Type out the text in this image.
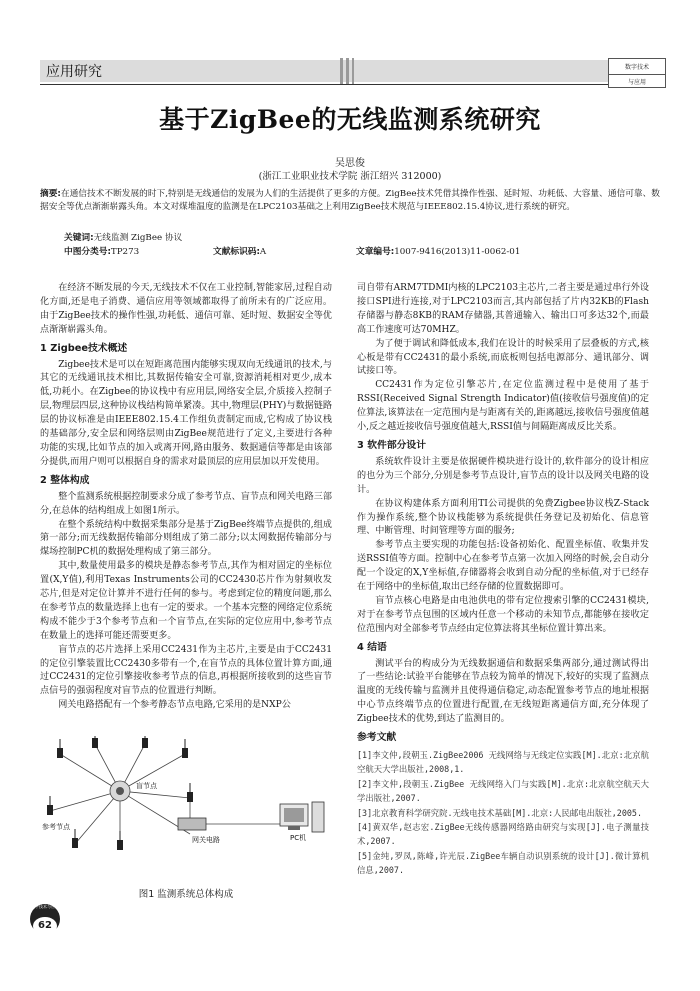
应用研究	数字技术
与应用
基于ZigBee的无线监测系统研究
吴思俊
(浙江工业职业技术学院 浙江绍兴 312000)
摘要:在通信技术不断发展的时下,特别是无线通信的发展为人们的生活提供了更多的方便。ZigBee技术凭借其操作性强、延时短、功耗低、大容量、通信可靠、数据安全等优点渐渐崭露头角。本文对煤堆温度的监测是在LPC2103基础之上利用ZigBee技术规范与IEEE802.15.4协议,进行系统的研究。
关键词:无线监测 ZigBee 协议
中图分类号:TP273	文献标识码:A	文章编号:1007-9416(2013)11-0062-01

在经济不断发展的今天,无线技术不仅在工业控制,智能家居,过程自动化方面,还是电子消费、通信应用等领域都取得了前所未有的广泛应用。由于ZigBee技术的操作性强,功耗低、通信可靠、延时短、数据安全等优点渐渐崭露头角。

1 Zigbee技术概述

Zigbee技术是可以在短距离范围内能够实现双向无线通讯的技术,与其它的无线通讯技术相比,其数据传输安全可靠,资源消耗相对更少,成本低,功耗小。在Zigbee的协议栈中有应用层,网络安全层,介质接入控制子层,物理层四层,这种协议栈结构简单紧凑。其中,物理层(PHY)与数据链路层的协议标准是由IEEE802.15.4工作组负责制定而成,它构成了协议栈的基础部分,安全层和网络层则由ZigBee规范进行了定义,主要进行各种功能的实现,比如节点的加入或离开网,路由服务、数据通信等都是由该部分提供,而用户则可以根据自身的需求对最顶层的应用层加以开发使用。

2 整体构成

整个监测系统根据控制要求分成了参考节点、盲节点和网关电路三部分,在总体的结构组成上如图1所示。

在整个系统结构中数据采集部分是基于ZigBee终端节点提供的,组成第一部分;而无线数据传输部分则组成了第二部分;以太网数据传输部分与煤场控制PC机的数据处理构成了第三部分。

其中,数量使用最多的模块是静态参考节点,其作为相对固定的坐标位置(X,Y值),利用Texas Instruments公司的CC2430芯片作为射频收发芯片,但是对定位计算并不进行任何的参与。考虑到定位的精度问题,那么在参考节点的数量选择上也有一定的要求。一个基本完整的网络定位系统构成不能少于3个参考节点和一个盲节点,在实际的定位应用中,参考节点在数量上的选择可能还需要更多。

盲节点的芯片选择上采用CC2431作为主芯片,主要是由于CC2431的定位引擎装置比CC2430多带有一个,在盲节点的具体位置计算方面,通过CC2431的定位引擎接收参考节点的信息,再根据所接收到的这些盲节点信号的强弱程度对盲节点的位置进行判断。

网关电路搭配有一个参考静态节点电路,它采用的是NXP公

盲节点
参考节点
网关电路	PC机
图1 监测系统总体构成

司自带有ARM7TDMI内核的LPC2103主芯片,二者主要是通过串行外设接口SPI进行连接,对于LPC2103而言,其内部包括了片内32KB的Flash存储器与静态8KB的RAM存储器,其普通输入、输出口可多达32个,而最高工作速度可达70MHZ。

为了便于调试和降低成本,我们在设计的时候采用了层叠板的方式,核心板是带有CC2431的最小系统,而底板则包括电源部分、通讯部分、调试接口等。

CC2431作为定位引擎芯片,在定位监测过程中是使用了基于RSSI(Received Signal Strength Indicator)值(接收信号强度值)的定位算法,该算法在一定范围内是与距离有关的,距离越远,接收信号强度值越小,反之越近接收信号强度值越大,RSSI值与间隔距离成反比关系。

3 软件部分设计

系统软件设计主要是依据硬件模块进行设计的,软件部分的设计相应的也分为三个部分,分别是参考节点设计,盲节点的设计以及网关电路的设计。

在协议构建体系方面利用TI公司提供的免费Zigbee协议栈Z-Stack作为操作系统,整个协议栈能够为系统提供任务登记及初始化、信息管理、中断管理、时间管理等方面的服务;

参考节点主要实现的功能包括:设备初始化、配置坐标值、收集并发送RSSI值等方面。控制中心在参考节点第一次加入网络的时候,会自动分配一个设定的X,Y坐标值,存储器将会收到自动分配的坐标值,对于已经存在于网络中的坐标值,取出已经存储的位置数据即可。

盲节点核心电路是由电池供电的带有定位搜索引擎的CC2431模块,对于在参考节点包围的区域内任意一个移动的未知节点,都能够在接收定位范围内对全部参考节点经由定位算法将其坐标位置计算出来。

4 结语

测试平台的构成分为无线数据通信和数据采集两部分,通过测试得出了一些结论:试验平台能够在节点较为简单的情况下,较好的实现了监测点温度的无线传输与监测并且使得通信稳定,动态配置参考节点的地址根据中心节点终端节点的位置进行配置,在无线短距离通信方面,充分体现了Zigbee技术的优势,到达了监测目的。

参考文献
[1]李文仲,段朝玉.ZigBee2006 无线网络与无线定位实践[M].北京:北京航空航天大学出版社,2008,1.
[2]李文仲,段朝玉.ZigBee 无线网络入门与实践[M].北京:北京航空航天大学出版社,2007.
[3]北京教育科学研究院.无线电技术基础[M].北京:人民邮电出版社,2005.
[4]黄双华,赵志宏.ZigBee无线传感器网络路由研究与实现[J].电子测量技术,2007.
[5]金纯,罗凤,陈峰,许光辰.ZigBee车辆自动识别系统的设计[J].微计算机信息,2007.
数字技术与应用
62
